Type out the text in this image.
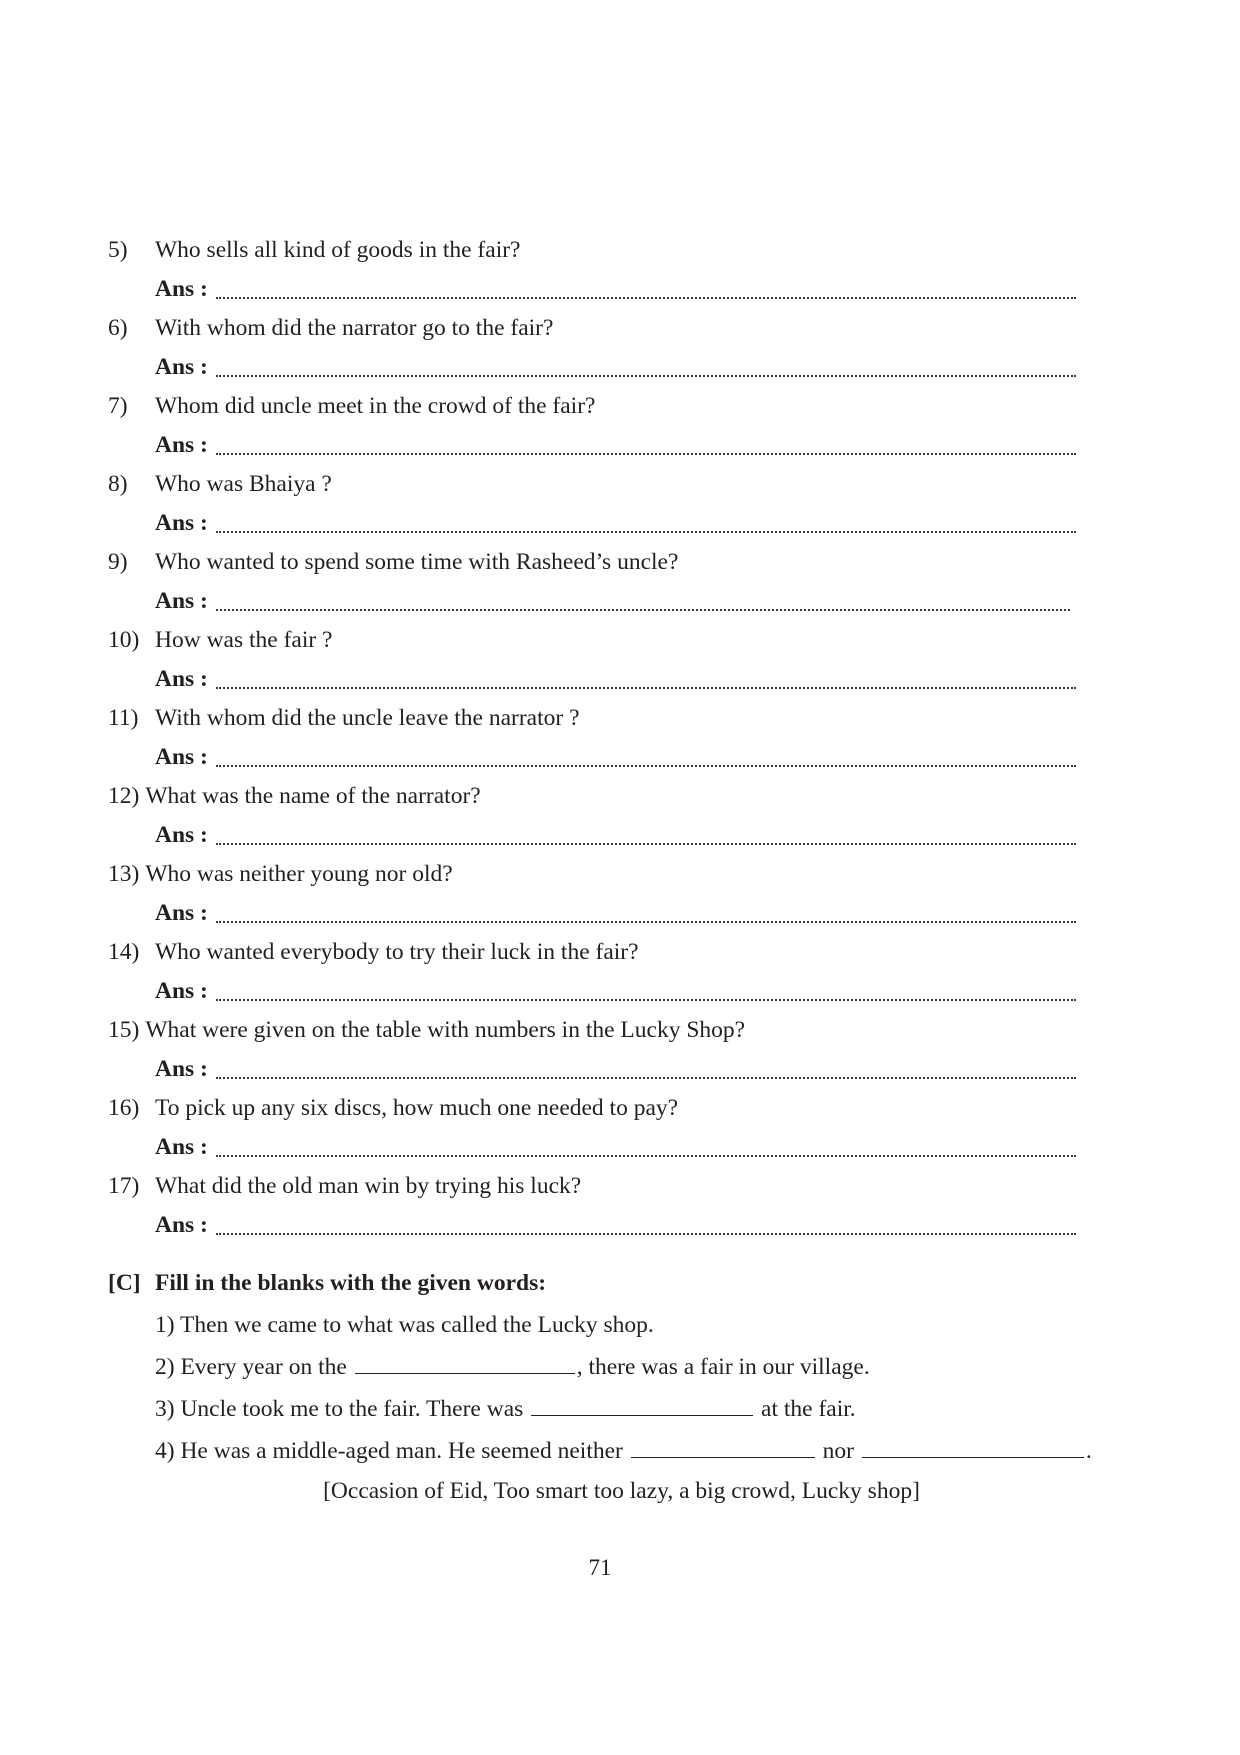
5) Who sells all kind of goods in the fair?
Ans :
6) With whom did the narrator go to the fair?
Ans :
7) Whom did uncle meet in the crowd of the fair?
Ans :
8) Who was Bhaiya ?
Ans :
9) Who wanted to spend some time with Rasheed’s uncle?
Ans :
10) How was the fair ?
Ans :
11) With whom did the uncle leave the narrator ?
Ans :
12) What was the name of the narrator?
Ans :
13) Who was neither young nor old?
Ans :
14) Who wanted everybody to try their luck in the fair?
Ans :
15) What were given on the table with numbers in the Lucky Shop?
Ans :
16) To pick up any six discs, how much one needed to pay?
Ans :
17) What did the old man win by trying his luck?
Ans :
[C] Fill in the blanks with the given words:
1) Then we came to what was called the Lucky shop.
2) Every year on the	, there was a fair in our village.
3) Uncle took me to the fair. There was	at the fair.
4) He was a middle-aged man. He seemed neither	nor	.
[Occasion of Eid, Too smart too lazy, a big crowd, Lucky shop]
71
